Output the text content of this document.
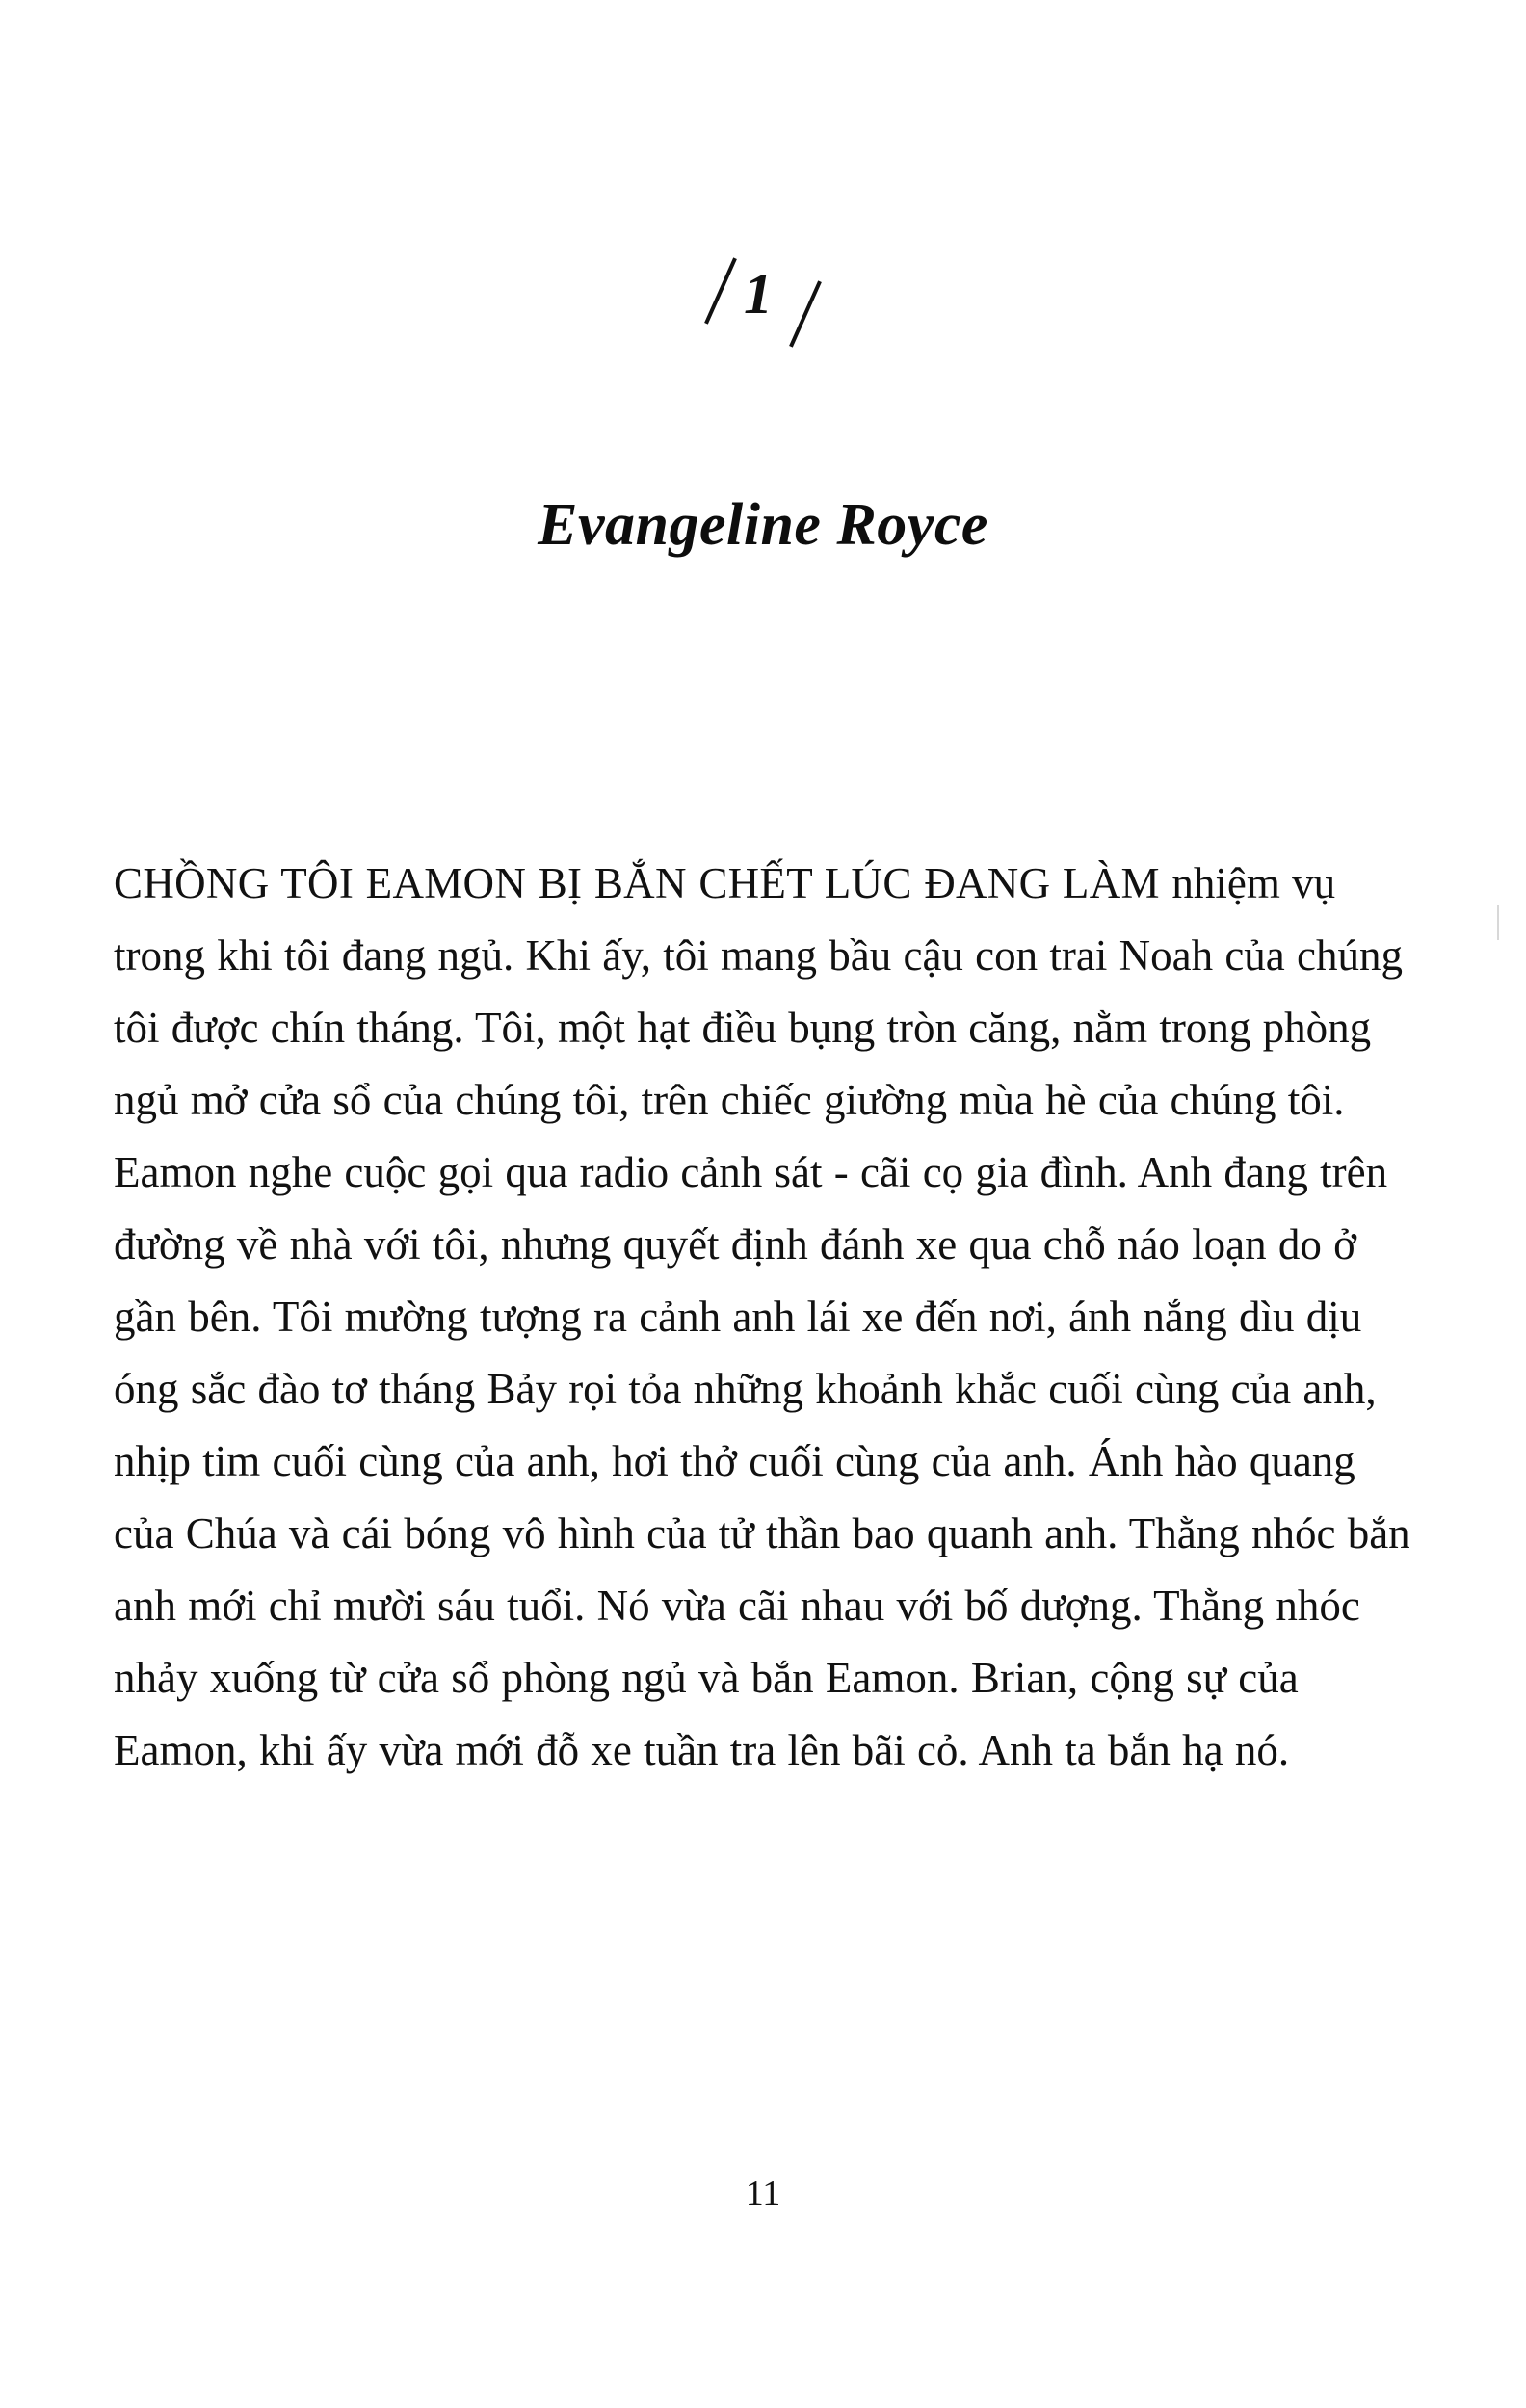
1
Evangeline Royce
CHỒNG TÔI EAMON BỊ BẮN CHẾT LÚC ĐANG LÀM nhiệm vụ trong khi tôi đang ngủ. Khi ấy, tôi mang bầu cậu con trai Noah của chúng tôi được chín tháng. Tôi, một hạt điều bụng tròn căng, nằm trong phòng ngủ mở cửa sổ của chúng tôi, trên chiếc giường mùa hè của chúng tôi. Eamon nghe cuộc gọi qua radio cảnh sát - cãi cọ gia đình. Anh đang trên đường về nhà với tôi, nhưng quyết định đánh xe qua chỗ náo loạn do ở gần bên. Tôi mường tượng ra cảnh anh lái xe đến nơi, ánh nắng dìu dịu óng sắc đào tơ tháng Bảy rọi tỏa những khoảnh khắc cuối cùng của anh, nhịp tim cuối cùng của anh, hơi thở cuối cùng của anh. Ánh hào quang của Chúa và cái bóng vô hình của tử thần bao quanh anh. Thằng nhóc bắn anh mới chỉ mười sáu tuổi. Nó vừa cãi nhau với bố dượng. Thằng nhóc nhảy xuống từ cửa sổ phòng ngủ và bắn Eamon. Brian, cộng sự của Eamon, khi ấy vừa mới đỗ xe tuần tra lên bãi cỏ. Anh ta bắn hạ nó.
11
